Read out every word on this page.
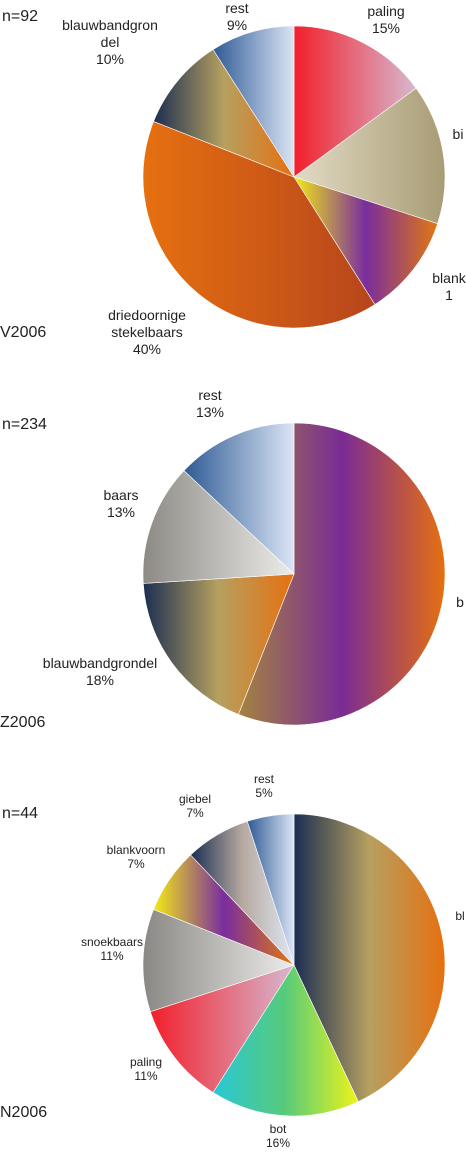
n=92
V2006
paling
15%
bi
blank
1
driedoornige
stekelbaars
40%
blauwbandgron
del
10%
rest
9%
n=234
Z2006
b
blauwbandgrondel
18%
baars
13%
rest
13%
n=44
N2006
bl
bot
16%
paling
11%
snoekbaars
11%
blankvoorn
7%
giebel
7%
rest
5%
